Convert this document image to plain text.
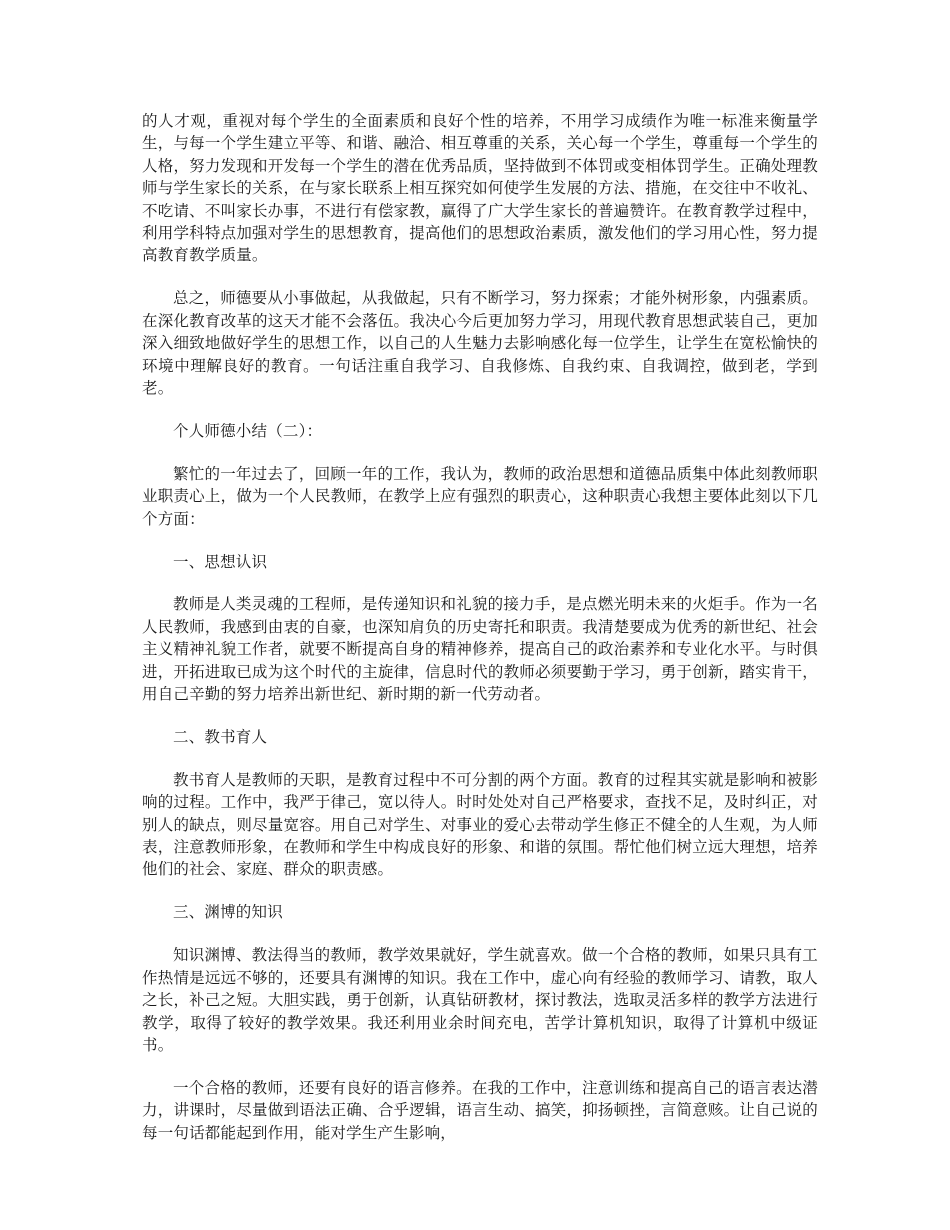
的人才观，重视对每个学生的全面素质和良好个性的培养，不用学习成绩作为唯一标准来衡量学生，与每一个学生建立平等、和谐、融洽、相互尊重的关系，关心每一个学生，尊重每一个学生的人格，努力发现和开发每一个学生的潜在优秀品质，坚持做到不体罚或变相体罚学生。正确处理教师与学生家长的关系，在与家长联系上相互探究如何使学生发展的方法、措施，在交往中不收礼、不吃请、不叫家长办事，不进行有偿家教，赢得了广大学生家长的普遍赞许。在教育教学过程中，利用学科特点加强对学生的思想教育，提高他们的思想政治素质，激发他们的学习用心性，努力提高教育教学质量。

总之，师德要从小事做起，从我做起，只有不断学习，努力探索；才能外树形象，内强素质。在深化教育改革的这天才能不会落伍。我决心今后更加努力学习，用现代教育思想武装自己，更加深入细致地做好学生的思想工作，以自己的人生魅力去影响感化每一位学生，让学生在宽松愉快的环境中理解良好的教育。一句话注重自我学习、自我修炼、自我约束、自我调控，做到老，学到老。

个人师德小结（二）：

繁忙的一年过去了，回顾一年的工作，我认为，教师的政治思想和道德品质集中体此刻教师职业职责心上，做为一个人民教师，在教学上应有强烈的职责心，这种职责心我想主要体此刻以下几个方面：

一、思想认识

教师是人类灵魂的工程师，是传递知识和礼貌的接力手，是点燃光明未来的火炬手。作为一名人民教师，我感到由衷的自豪，也深知肩负的历史寄托和职责。我清楚要成为优秀的新世纪、社会主义精神礼貌工作者，就要不断提高自身的精神修养，提高自己的政治素养和专业化水平。与时俱进，开拓进取已成为这个时代的主旋律，信息时代的教师必须要勤于学习，勇于创新，踏实肯干，用自己辛勤的努力培养出新世纪、新时期的新一代劳动者。

二、教书育人

教书育人是教师的天职，是教育过程中不可分割的两个方面。教育的过程其实就是影响和被影响的过程。工作中，我严于律己，宽以待人。时时处处对自己严格要求，查找不足，及时纠正，对别人的缺点，则尽量宽容。用自己对学生、对事业的爱心去带动学生修正不健全的人生观，为人师表，注意教师形象，在教师和学生中构成良好的形象、和谐的氛围。帮忙他们树立远大理想，培养他们的社会、家庭、群众的职责感。

三、渊博的知识

知识渊博、教法得当的教师，教学效果就好，学生就喜欢。做一个合格的教师，如果只具有工作热情是远远不够的，还要具有渊博的知识。我在工作中，虚心向有经验的教师学习、请教，取人之长，补己之短。大胆实践，勇于创新，认真钻研教材，探讨教法，选取灵活多样的教学方法进行教学，取得了较好的教学效果。我还利用业余时间充电，苦学计算机知识，取得了计算机中级证书。

一个合格的教师，还要有良好的语言修养。在我的工作中，注意训练和提高自己的语言表达潜力，讲课时，尽量做到语法正确、合乎逻辑，语言生动、搞笑，抑扬顿挫，言简意赅。让自己说的每一句话都能起到作用，能对学生产生影响，
